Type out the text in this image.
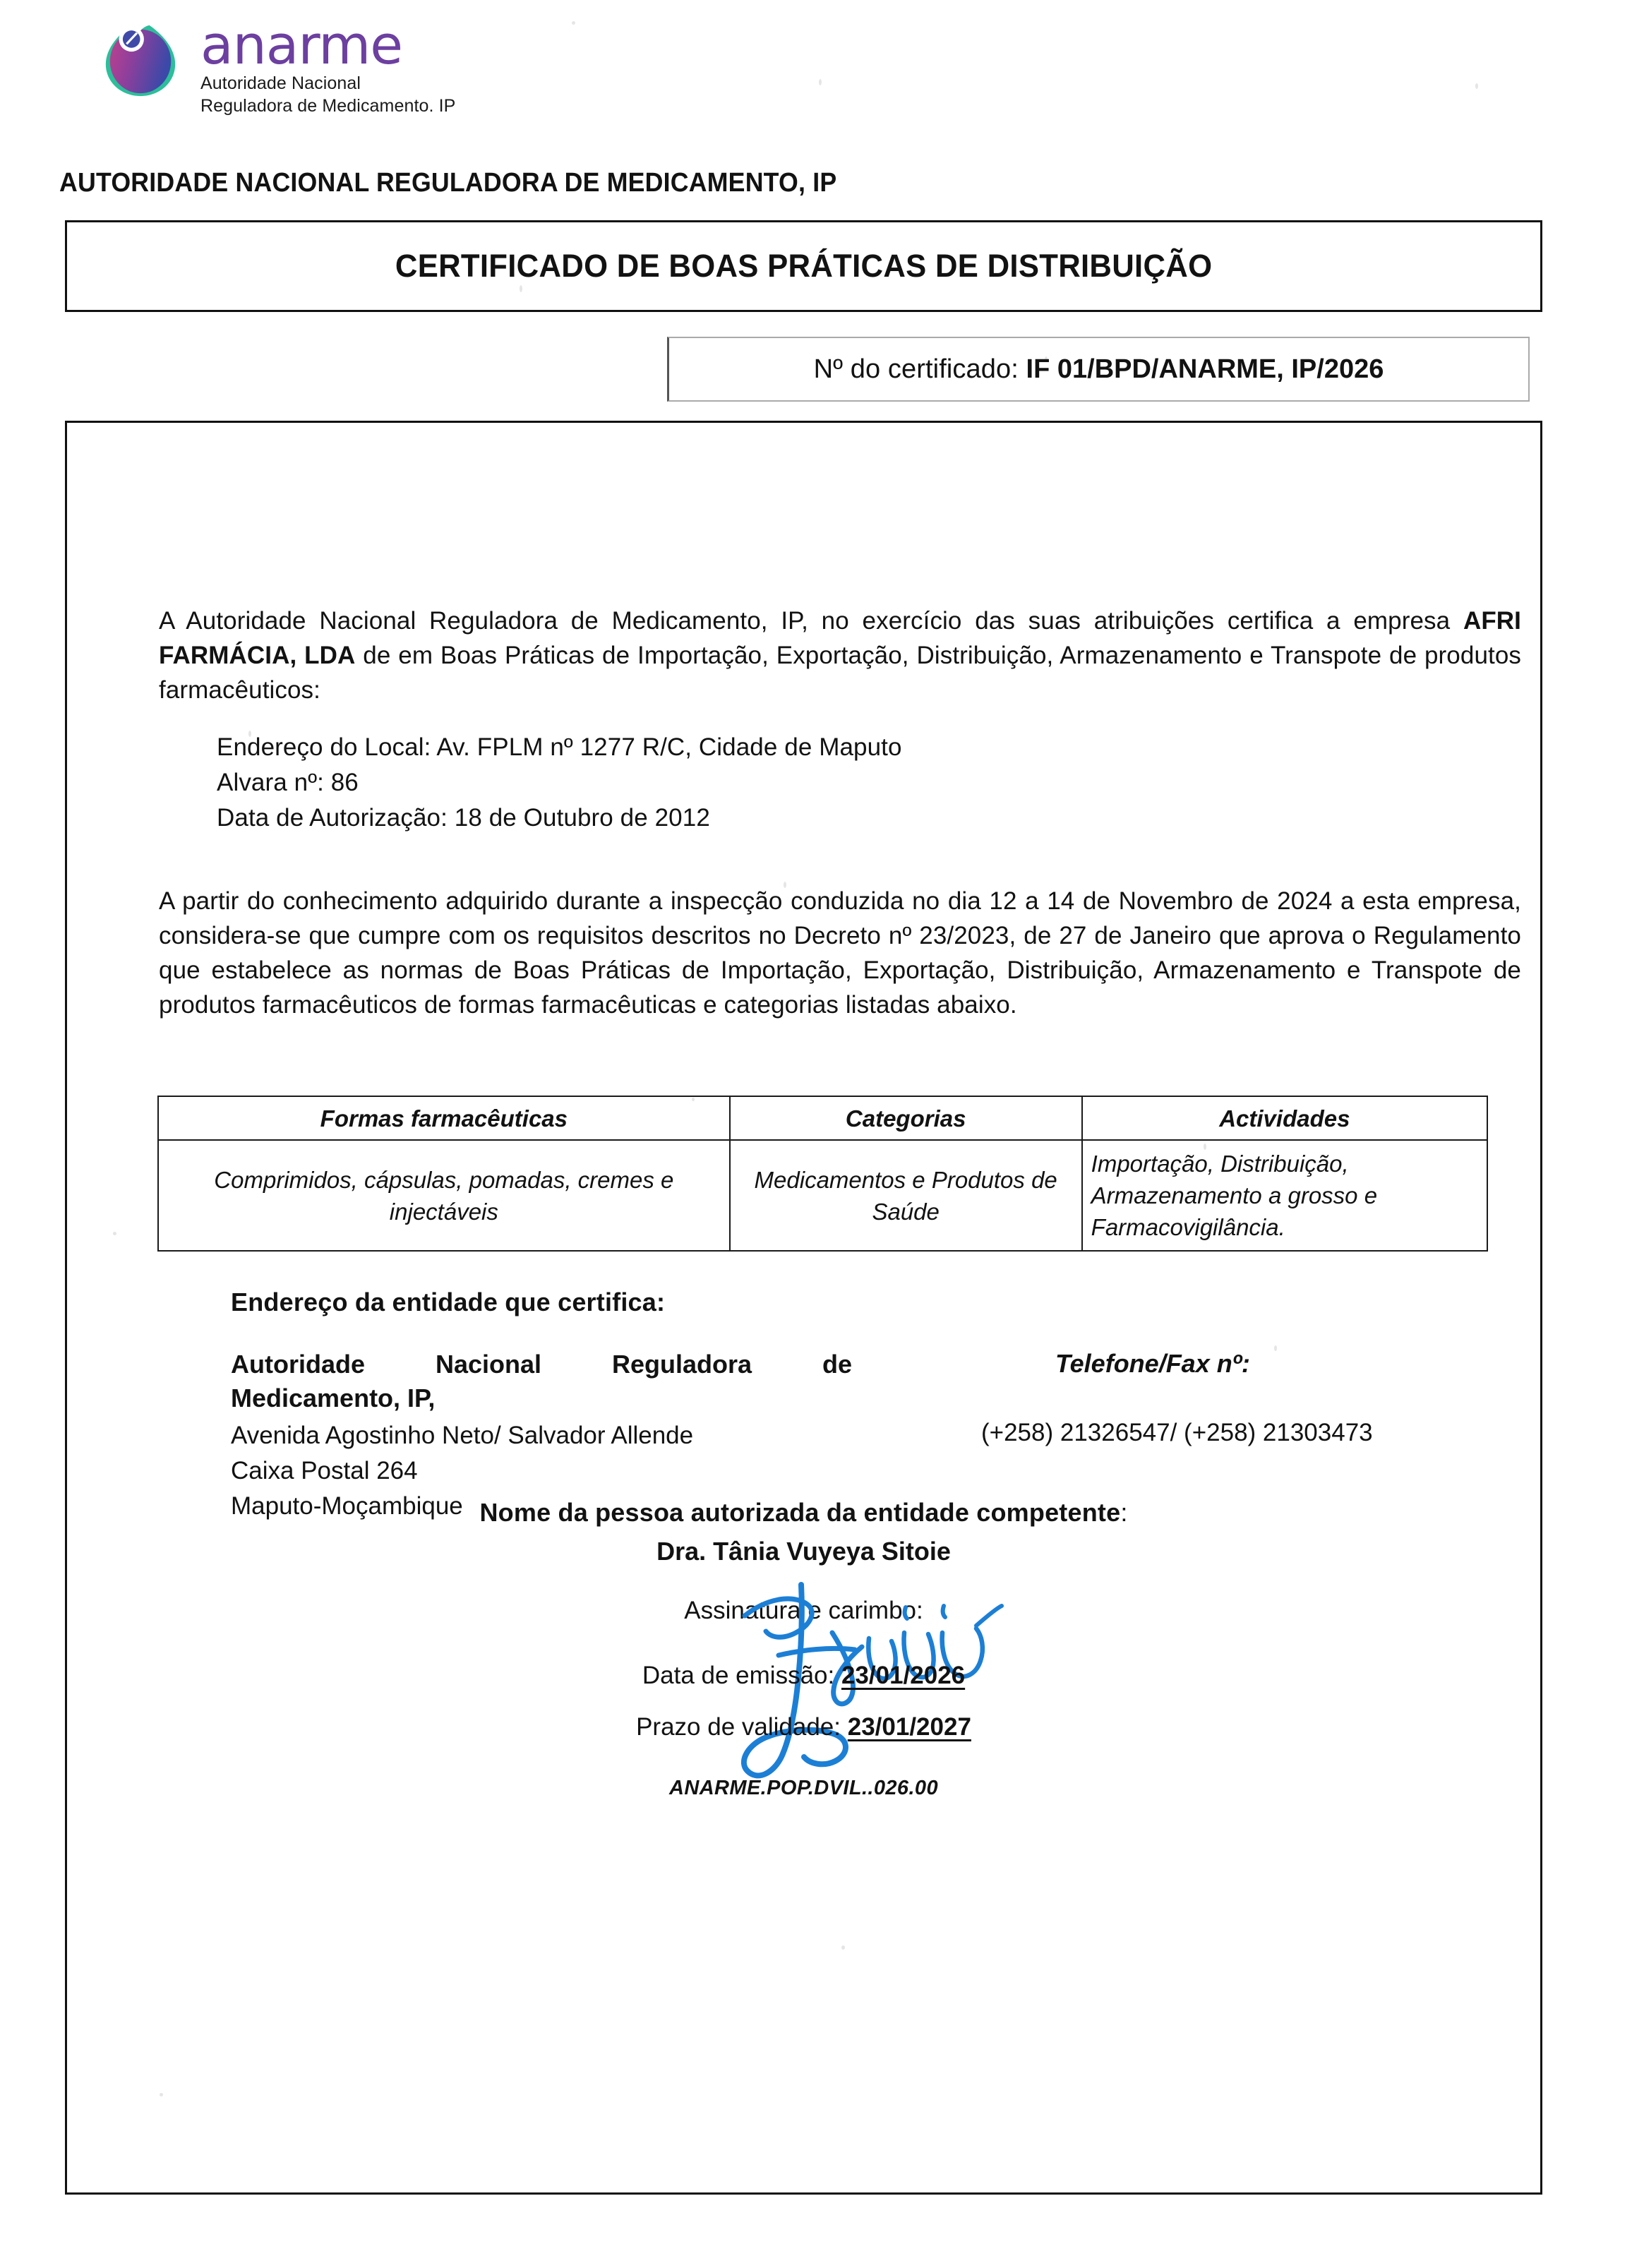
anarme
Autoridade Nacional
Reguladora de Medicamento. IP
AUTORIDADE NACIONAL REGULADORA DE MEDICAMENTO, IP
CERTIFICADO DE BOAS PRÁTICAS DE DISTRIBUIÇÃO
Nº do certificado: IF 01/BPD/ANARME, IP/2026
A Autoridade Nacional Reguladora de Medicamento, IP, no exercício das suas atribuições certifica a empresa AFRI FARMÁCIA, LDA de em Boas Práticas de Importação, Exportação, Distribuição, Armazenamento e Transpote de produtos farmacêuticos:
Endereço do Local: Av. FPLM nº 1277 R/C, Cidade de Maputo
Alvara nº: 86
Data de Autorização: 18 de Outubro de 2012
A partir do conhecimento adquirido durante a inspecção conduzida no dia 12 a 14 de Novembro de 2024 a esta empresa, considera-se que cumpre com os requisitos descritos no Decreto nº 23/2023, de 27 de Janeiro que aprova o Regulamento que estabelece as normas de Boas Práticas de Importação, Exportação, Distribuição, Armazenamento e Transpote de produtos farmacêuticos de formas farmacêuticas e categorias listadas abaixo.
Formas farmacêuticas	Categorias	Actividades
Comprimidos, cápsulas, pomadas, cremes e injectáveis	Medicamentos e Produtos de Saúde	Importação, Distribuição, Armazenamento a grosso e Farmacovigilância.
Endereço da entidade que certifica:
Autoridade Nacional Reguladora de
Medicamento, IP,
Avenida Agostinho Neto/ Salvador Allende
Caixa Postal 264
Maputo-Moçambique
Telefone/Fax nº:
(+258) 21326547/ (+258) 21303473
Nome da pessoa autorizada da entidade competente:
Dra. Tânia Vuyeya Sitoie
Assinatura e carimbo:
Data de emissão: 23/01/2026
Prazo de validade: 23/01/2027
ANARME.POP.DVIL..026.00
